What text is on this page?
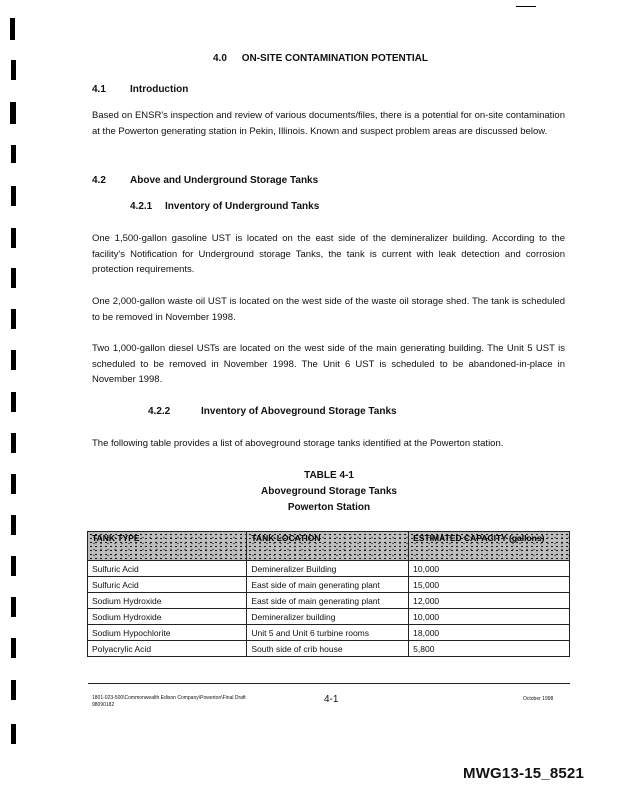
4.0 ON-SITE CONTAMINATION POTENTIAL
4.1 Introduction
Based on ENSR's inspection and review of various documents/files, there is a potential for on-site contamination at the Powerton generating station in Pekin, Illinois. Known and suspect problem areas are discussed below.
4.2 Above and Underground Storage Tanks
4.2.1 Inventory of Underground Tanks
One 1,500-gallon gasoline UST is located on the east side of the demineralizer building. According to the facility's Notification for Underground storage Tanks, the tank is current with leak detection and corrosion protection requirements.
One 2,000-gallon waste oil UST is located on the west side of the waste oil storage shed. The tank is scheduled to be removed in November 1998.
Two 1,000-gallon diesel USTs are located on the west side of the main generating building. The Unit 5 UST is scheduled to be removed in November 1998. The Unit 6 UST is scheduled to be abandoned-in-place in November 1998.
4.2.2	Inventory of Aboveground Storage Tanks
The following table provides a list of aboveground storage tanks identified at the Powerton station.
TABLE 4-1
Aboveground Storage Tanks
Powerton Station
TANK TYPE	TANK LOCATION	ESTIMATED CAPACITY (gallons)
Sulfuric Acid	Demineralizer Building	10,000
Sulfuric Acid	East side of main generating plant	15,000
Sodium Hydroxide	East side of main generating plant	12,000
Sodium Hydroxide	Demineralizer building	10,000
Sodium Hypochlorite	Unit 5 and Unit 6 turbine rooms	18,000
Polyacrylic Acid	South side of crib house	5,800
1801-023-500\Commonwealth Edison Company\Powerton\Final Draft
98090182	4-1	October 1998
MWG13-15_8521
